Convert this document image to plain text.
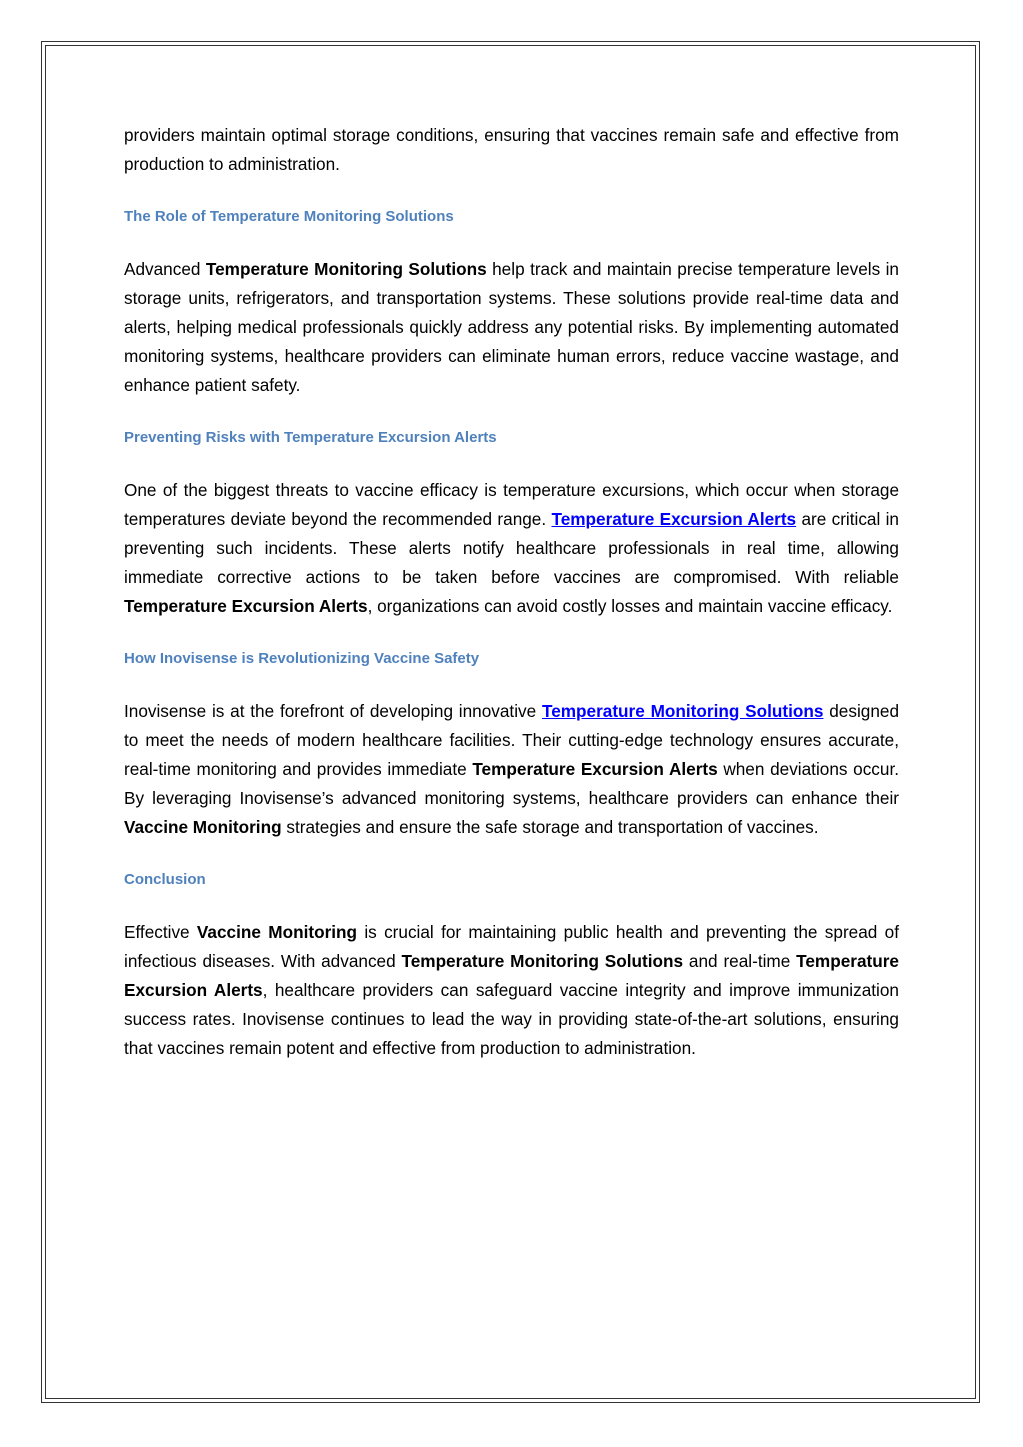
providers maintain optimal storage conditions, ensuring that vaccines remain safe and effective from production to administration.

The Role of Temperature Monitoring Solutions

Advanced Temperature Monitoring Solutions help track and maintain precise temperature levels in storage units, refrigerators, and transportation systems. These solutions provide real-time data and alerts, helping medical professionals quickly address any potential risks. By implementing automated monitoring systems, healthcare providers can eliminate human errors, reduce vaccine wastage, and enhance patient safety.

Preventing Risks with Temperature Excursion Alerts

One of the biggest threats to vaccine efficacy is temperature excursions, which occur when storage temperatures deviate beyond the recommended range. Temperature Excursion Alerts are critical in preventing such incidents. These alerts notify healthcare professionals in real time, allowing immediate corrective actions to be taken before vaccines are compromised. With reliable Temperature Excursion Alerts, organizations can avoid costly losses and maintain vaccine efficacy.

How Inovisense is Revolutionizing Vaccine Safety

Inovisense is at the forefront of developing innovative Temperature Monitoring Solutions designed to meet the needs of modern healthcare facilities. Their cutting-edge technology ensures accurate, real-time monitoring and provides immediate Temperature Excursion Alerts when deviations occur. By leveraging Inovisense’s advanced monitoring systems, healthcare providers can enhance their Vaccine Monitoring strategies and ensure the safe storage and transportation of vaccines.

Conclusion

Effective Vaccine Monitoring is crucial for maintaining public health and preventing the spread of infectious diseases. With advanced Temperature Monitoring Solutions and real-time Temperature Excursion Alerts, healthcare providers can safeguard vaccine integrity and improve immunization success rates. Inovisense continues to lead the way in providing state-of-the-art solutions, ensuring that vaccines remain potent and effective from production to administration.
